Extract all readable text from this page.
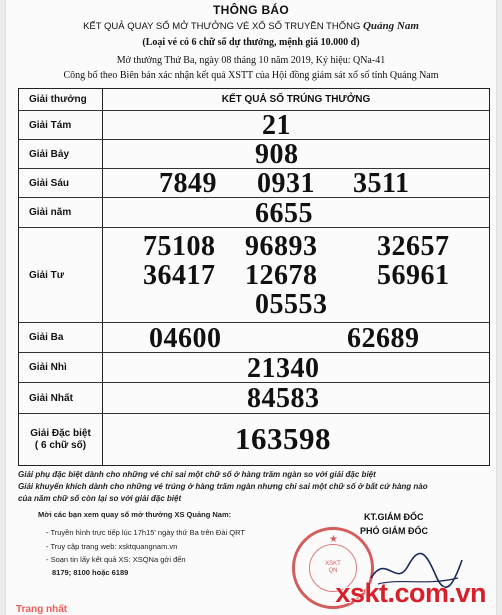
THÔNG BÁO
KẾT QUẢ QUAY SỐ MỞ THƯỞNG VÉ XỔ SỐ TRUYỀN THỐNG Quảng Nam
(Loại vé có 6 chữ số dự thưởng, mệnh giá 10.000 đ)
Mở thưởng Thứ Ba, ngày 08 tháng 10 năm 2019, Ký hiệu: QNa-41
Công bố theo Biên bản xác nhận kết quả XSTT của Hội đồng giám sát xổ số tỉnh Quảng Nam
Giải thưởng	KẾT QUẢ SỐ TRÚNG THƯỞNG
Giải Tám	21
Giải Bảy	908
Giải Sáu	7849 0931 3511
Giải năm	6655
Giải Tư
75108 96893 32657
36417 12678 56961
05553
Giải Ba	04600	62689
Giải Nhì	21340
Giải Nhất	84583
Giải Đặc biệt
( 6 chữ số)	163598
Giải phụ đặc biệt dành cho những vé chỉ sai một chữ số ở hàng trăm ngàn so với giải đặc biệt
Giải khuyến khích dành cho những vé trúng ở hàng trăm ngàn nhưng chỉ sai một chữ số ở bất cứ hàng nào
của năm chữ số còn lại so với giải đặc biệt
Mời các bạn xem quay số mở thưởng XS Quảng Nam:
- Truyền hình trực tiếp lúc 17h15' ngày thứ Ba trên Đài QRT
- Truy cập trang web: xsktquangnam.vn
- Soạn tin lấy kết quả XS: XSQNa gởi đến
8179; 8100 hoặc 6189
KT.GIÁM ĐỐC
PHÓ GIÁM ĐỐC
★
XSKT
QN
Trang nhất
xskt.com.vn
